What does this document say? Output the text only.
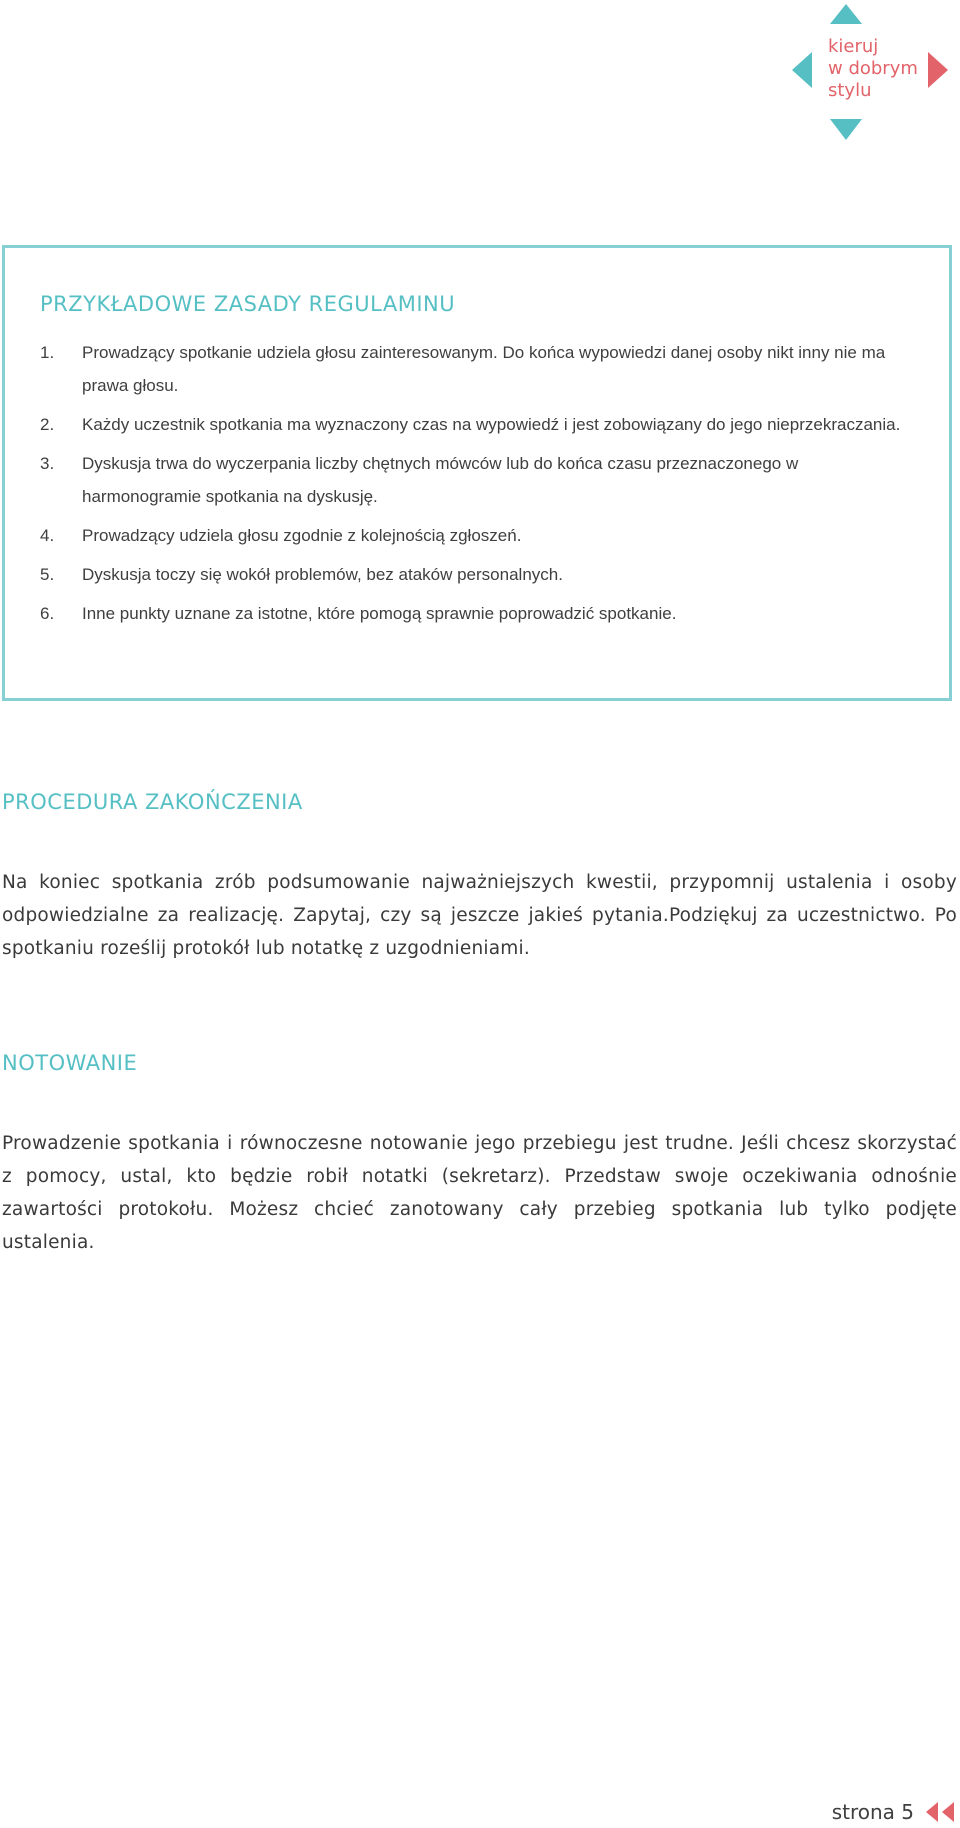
kieruj
w dobrym
stylu
PRZYKŁADOWE ZASADY REGULAMINU
1.	Prowadzący spotkanie udziela głosu zainteresowanym. Do końca wypowiedzi danej osoby nikt inny nie ma prawa głosu.
2.	Każdy uczestnik spotkania ma wyznaczony czas na wypowiedź i jest zobowiązany do jego nieprzekraczania.
3.	Dyskusja trwa do wyczerpania liczby chętnych mówców lub do końca czasu przeznaczonego w harmonogramie spotkania na dyskusję.
4.	Prowadzący udziela głosu zgodnie z kolejnością zgłoszeń.
5.	Dyskusja toczy się wokół problemów, bez ataków personalnych.
6.	Inne punkty uznane za istotne, które pomogą sprawnie poprowadzić spotkanie.
PROCEDURA ZAKOŃCZENIA

Na koniec spotkania zrób podsumowanie najważniejszych kwestii, przypomnij ustalenia i osoby odpowiedzialne za realizację. Zapytaj, czy są jeszcze jakieś pytania.Podziękuj za uczestnictwo. Po spotkaniu roześlij protokół lub notatkę z uzgodnieniami.

NOTOWANIE

Prowadzenie spotkania i równoczesne notowanie jego przebiegu jest trudne. Jeśli chcesz skorzystać z pomocy, ustal, kto będzie robił notatki (sekretarz). Przedstaw swoje oczekiwania odnośnie zawartości protokołu. Możesz chcieć zanotowany cały przebieg spotkania lub tylko podjęte ustalenia.

strona 5
